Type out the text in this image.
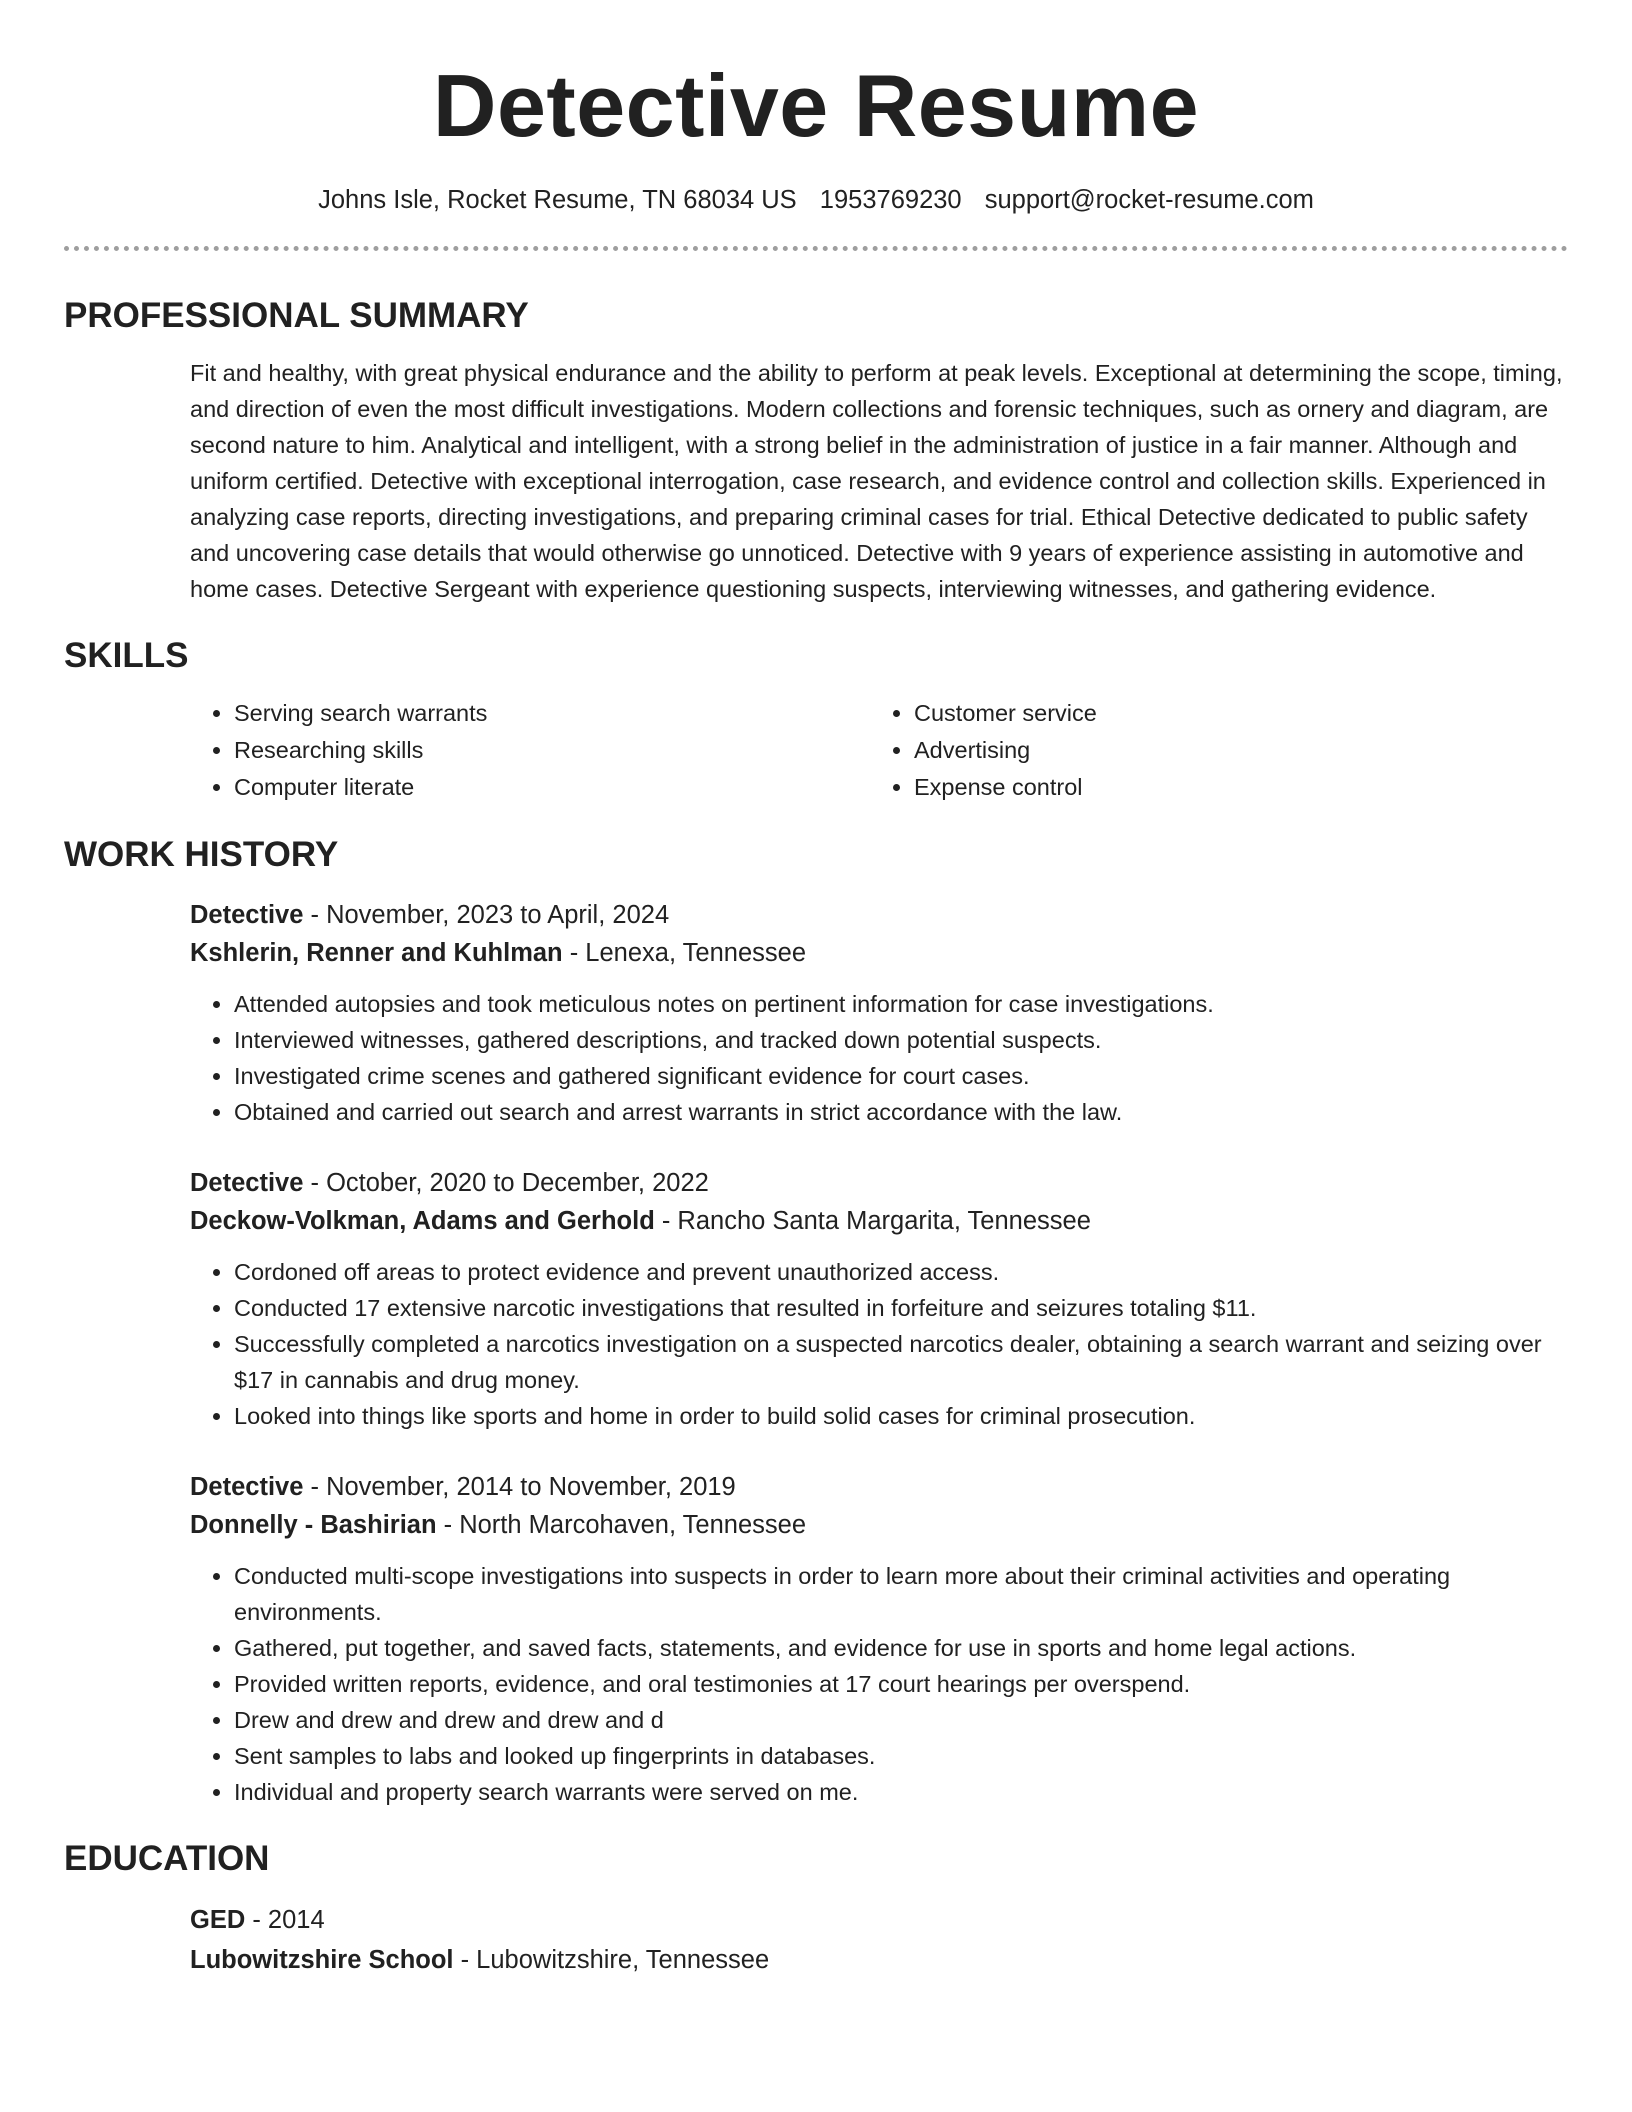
Detective Resume
Johns Isle, Rocket Resume, TN 68034 US 1953769230 support@rocket-resume.com
PROFESSIONAL SUMMARY
Fit and healthy, with great physical endurance and the ability to perform at peak levels. Exceptional at determining the scope, timing, and direction of even the most difficult investigations. Modern collections and forensic techniques, such as ornery and diagram, are second nature to him. Analytical and intelligent, with a strong belief in the administration of justice in a fair manner. Although and uniform certified. Detective with exceptional interrogation, case research, and evidence control and collection skills. Experienced in analyzing case reports, directing investigations, and preparing criminal cases for trial. Ethical Detective dedicated to public safety and uncovering case details that would otherwise go unnoticed. Detective with 9 years of experience assisting in automotive and home cases. Detective Sergeant with experience questioning suspects, interviewing witnesses, and gathering evidence.
SKILLS
• Serving search warrants
• Researching skills
• Computer literate
• Customer service
• Advertising
• Expense control
WORK HISTORY
Detective - November, 2023 to April, 2024
Kshlerin, Renner and Kuhlman - Lenexa, Tennessee
• Attended autopsies and took meticulous notes on pertinent information for case investigations.
• Interviewed witnesses, gathered descriptions, and tracked down potential suspects.
• Investigated crime scenes and gathered significant evidence for court cases.
• Obtained and carried out search and arrest warrants in strict accordance with the law.
Detective - October, 2020 to December, 2022
Deckow-Volkman, Adams and Gerhold - Rancho Santa Margarita, Tennessee
• Cordoned off areas to protect evidence and prevent unauthorized access.
• Conducted 17 extensive narcotic investigations that resulted in forfeiture and seizures totaling $11.
• Successfully completed a narcotics investigation on a suspected narcotics dealer, obtaining a search warrant and seizing over $17 in cannabis and drug money.
• Looked into things like sports and home in order to build solid cases for criminal prosecution.
Detective - November, 2014 to November, 2019
Donnelly - Bashirian - North Marcohaven, Tennessee
• Conducted multi-scope investigations into suspects in order to learn more about their criminal activities and operating environments.
• Gathered, put together, and saved facts, statements, and evidence for use in sports and home legal actions.
• Provided written reports, evidence, and oral testimonies at 17 court hearings per overspend.
• Drew and drew and drew and drew and d
• Sent samples to labs and looked up fingerprints in databases.
• Individual and property search warrants were served on me.
EDUCATION
GED - 2014
Lubowitzshire School - Lubowitzshire, Tennessee
